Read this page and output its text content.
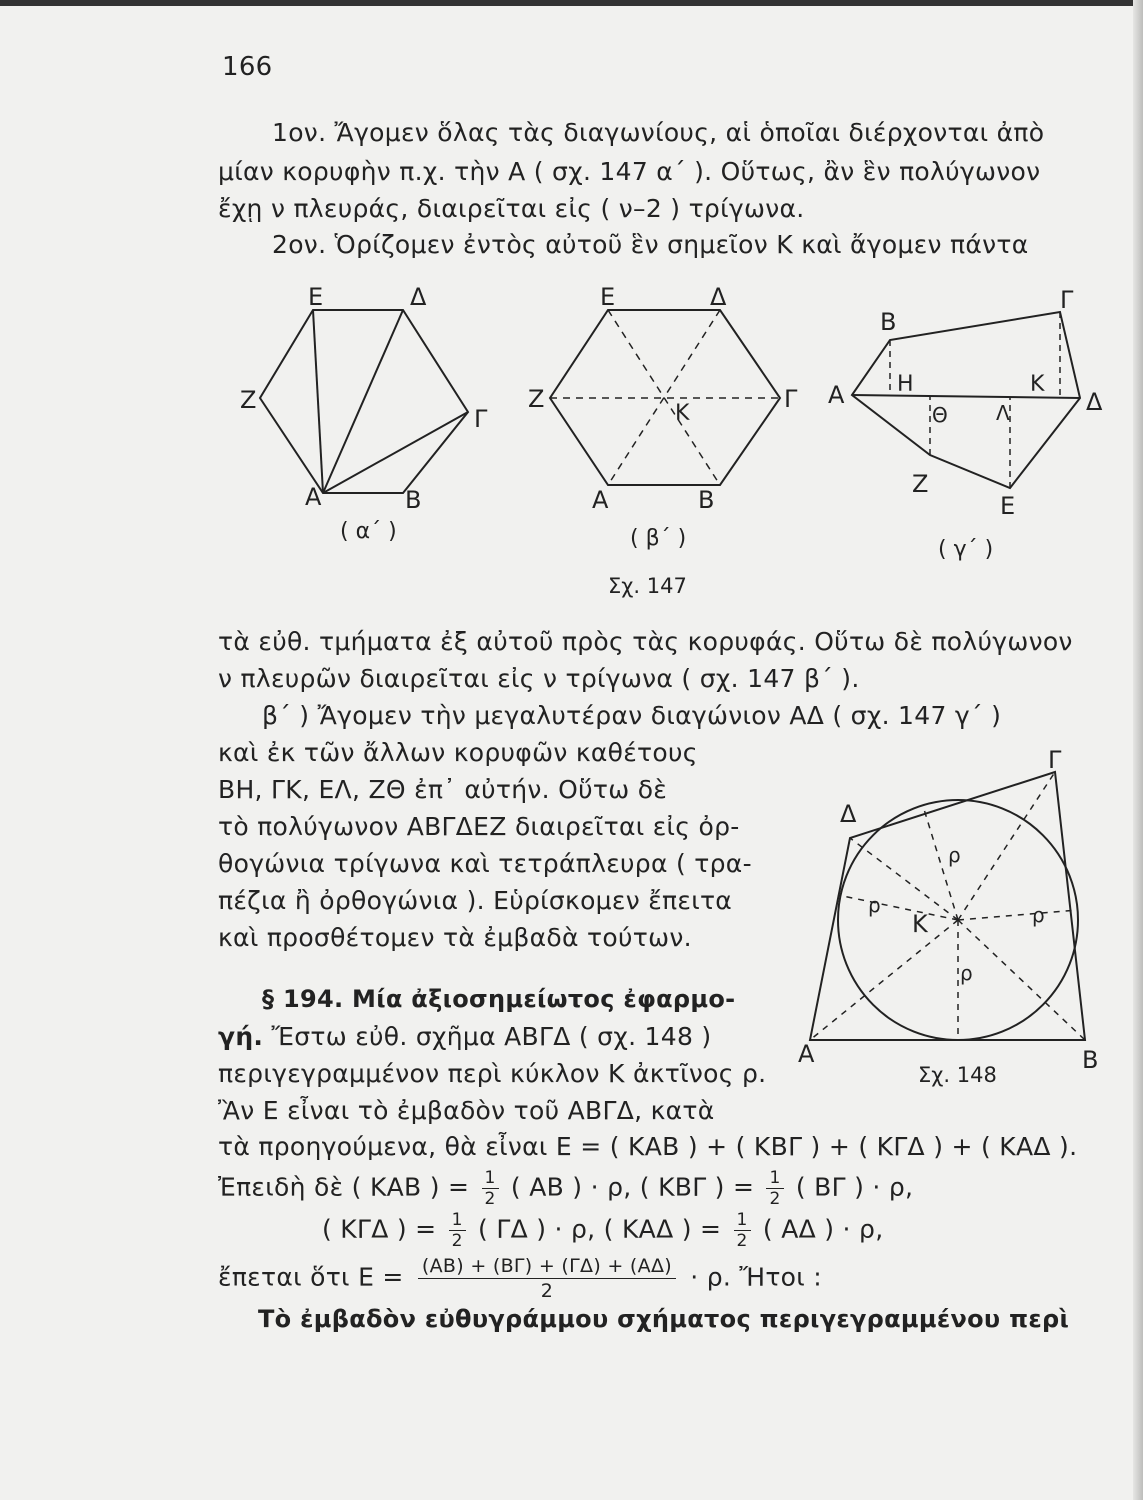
166
1ον. Ἄγομεν ὅλας τὰς διαγωνίους, αἱ ὁποῖαι διέρχονται ἀπὸ
μίαν κορυφὴν π.χ. τὴν Α ( σχ. 147 α΄ ). Οὕτως, ἂν ἓν πολύγωνον
ἔχῃ ν πλευράς, διαιρεῖται εἰς ( ν–2 ) τρίγωνα.
2ον. Ὁρίζομεν ἐντὸς αὐτοῦ ἓν σημεῖον Κ καὶ ἄγομεν πάντα
Ε	Δ
Ζ
Γ
Α	Β
( α΄ )
Ε	Δ
Ζ	Γ
Κ
Α	Β
( β΄ )
Σχ. 147
Β
Γ
Α Η	Κ
Δ
Θ Λ
Ζ
Ε
( γ΄ )
τὰ εὐθ. τμήματα ἐξ αὐτοῦ πρὸς τὰς κορυφάς. Οὕτω δὲ πολύγωνον
ν πλευρῶν διαιρεῖται εἰς ν τρίγωνα ( σχ. 147 β΄ ).
β΄ ) Ἄγομεν τὴν μεγαλυτέραν διαγώνιον ΑΔ ( σχ. 147 γ΄ )
καὶ ἐκ τῶν ἄλλων κορυφῶν καθέτους
ΒΗ, ΓΚ, ΕΛ, ΖΘ ἐπ᾿ αὐτήν. Οὕτω δὲ
τὸ πολύγωνον ΑΒΓΔΕΖ διαιρεῖται εἰς ὀρ-
θογώνια τρίγωνα καὶ τετράπλευρα ( τρα-
πέζια ἢ ὀρθογώνια ). Εὑρίσκομεν ἔπειτα
καὶ προσθέτομεν τὰ ἐμβαδὰ τούτων.
§ 194. Μία ἀξιοσημείωτος ἐφαρμο-
γή. Ἔστω εὐθ. σχῆμα ΑΒΓΔ ( σχ. 148 )
περιγεγραμμένον περὶ κύκλον Κ ἀκτῖνος ρ.
Ἂν Ε εἶναι τὸ ἐμβαδὸν τοῦ ΑΒΓΔ, κατὰ
Γ
Δ
ρ
ρ
Κ	ρ
ρ
Α	Β
Σχ. 148
τὰ προηγούμενα, θὰ εἶναι Ε = ( ΚΑΒ ) + ( ΚΒΓ ) + ( ΚΓΔ ) + ( ΚΑΔ ).
Ἐπειδὴ δὲ ( ΚΑΒ ) = $\frac{1}{2}$ ( ΑΒ ) · ρ, ( ΚΒΓ ) = $\frac{1}{2}$ ( ΒΓ ) · ρ,
( ΚΓΔ ) = $\frac{1}{2}$ ( ΓΔ ) · ρ, ( ΚΑΔ ) = $\frac{1}{2}$ ( ΑΔ ) · ρ,
ἔπεται ὅτι $E = \frac{(AB) + (B\Gamma) + (\Gamma\Delta) + (A\Delta)}{2} \cdot \rho$. Ἤτοι :
Τὸ ἐμβαδὸν εὐθυγράμμου σχήματος περιγεγραμμένου περὶ
